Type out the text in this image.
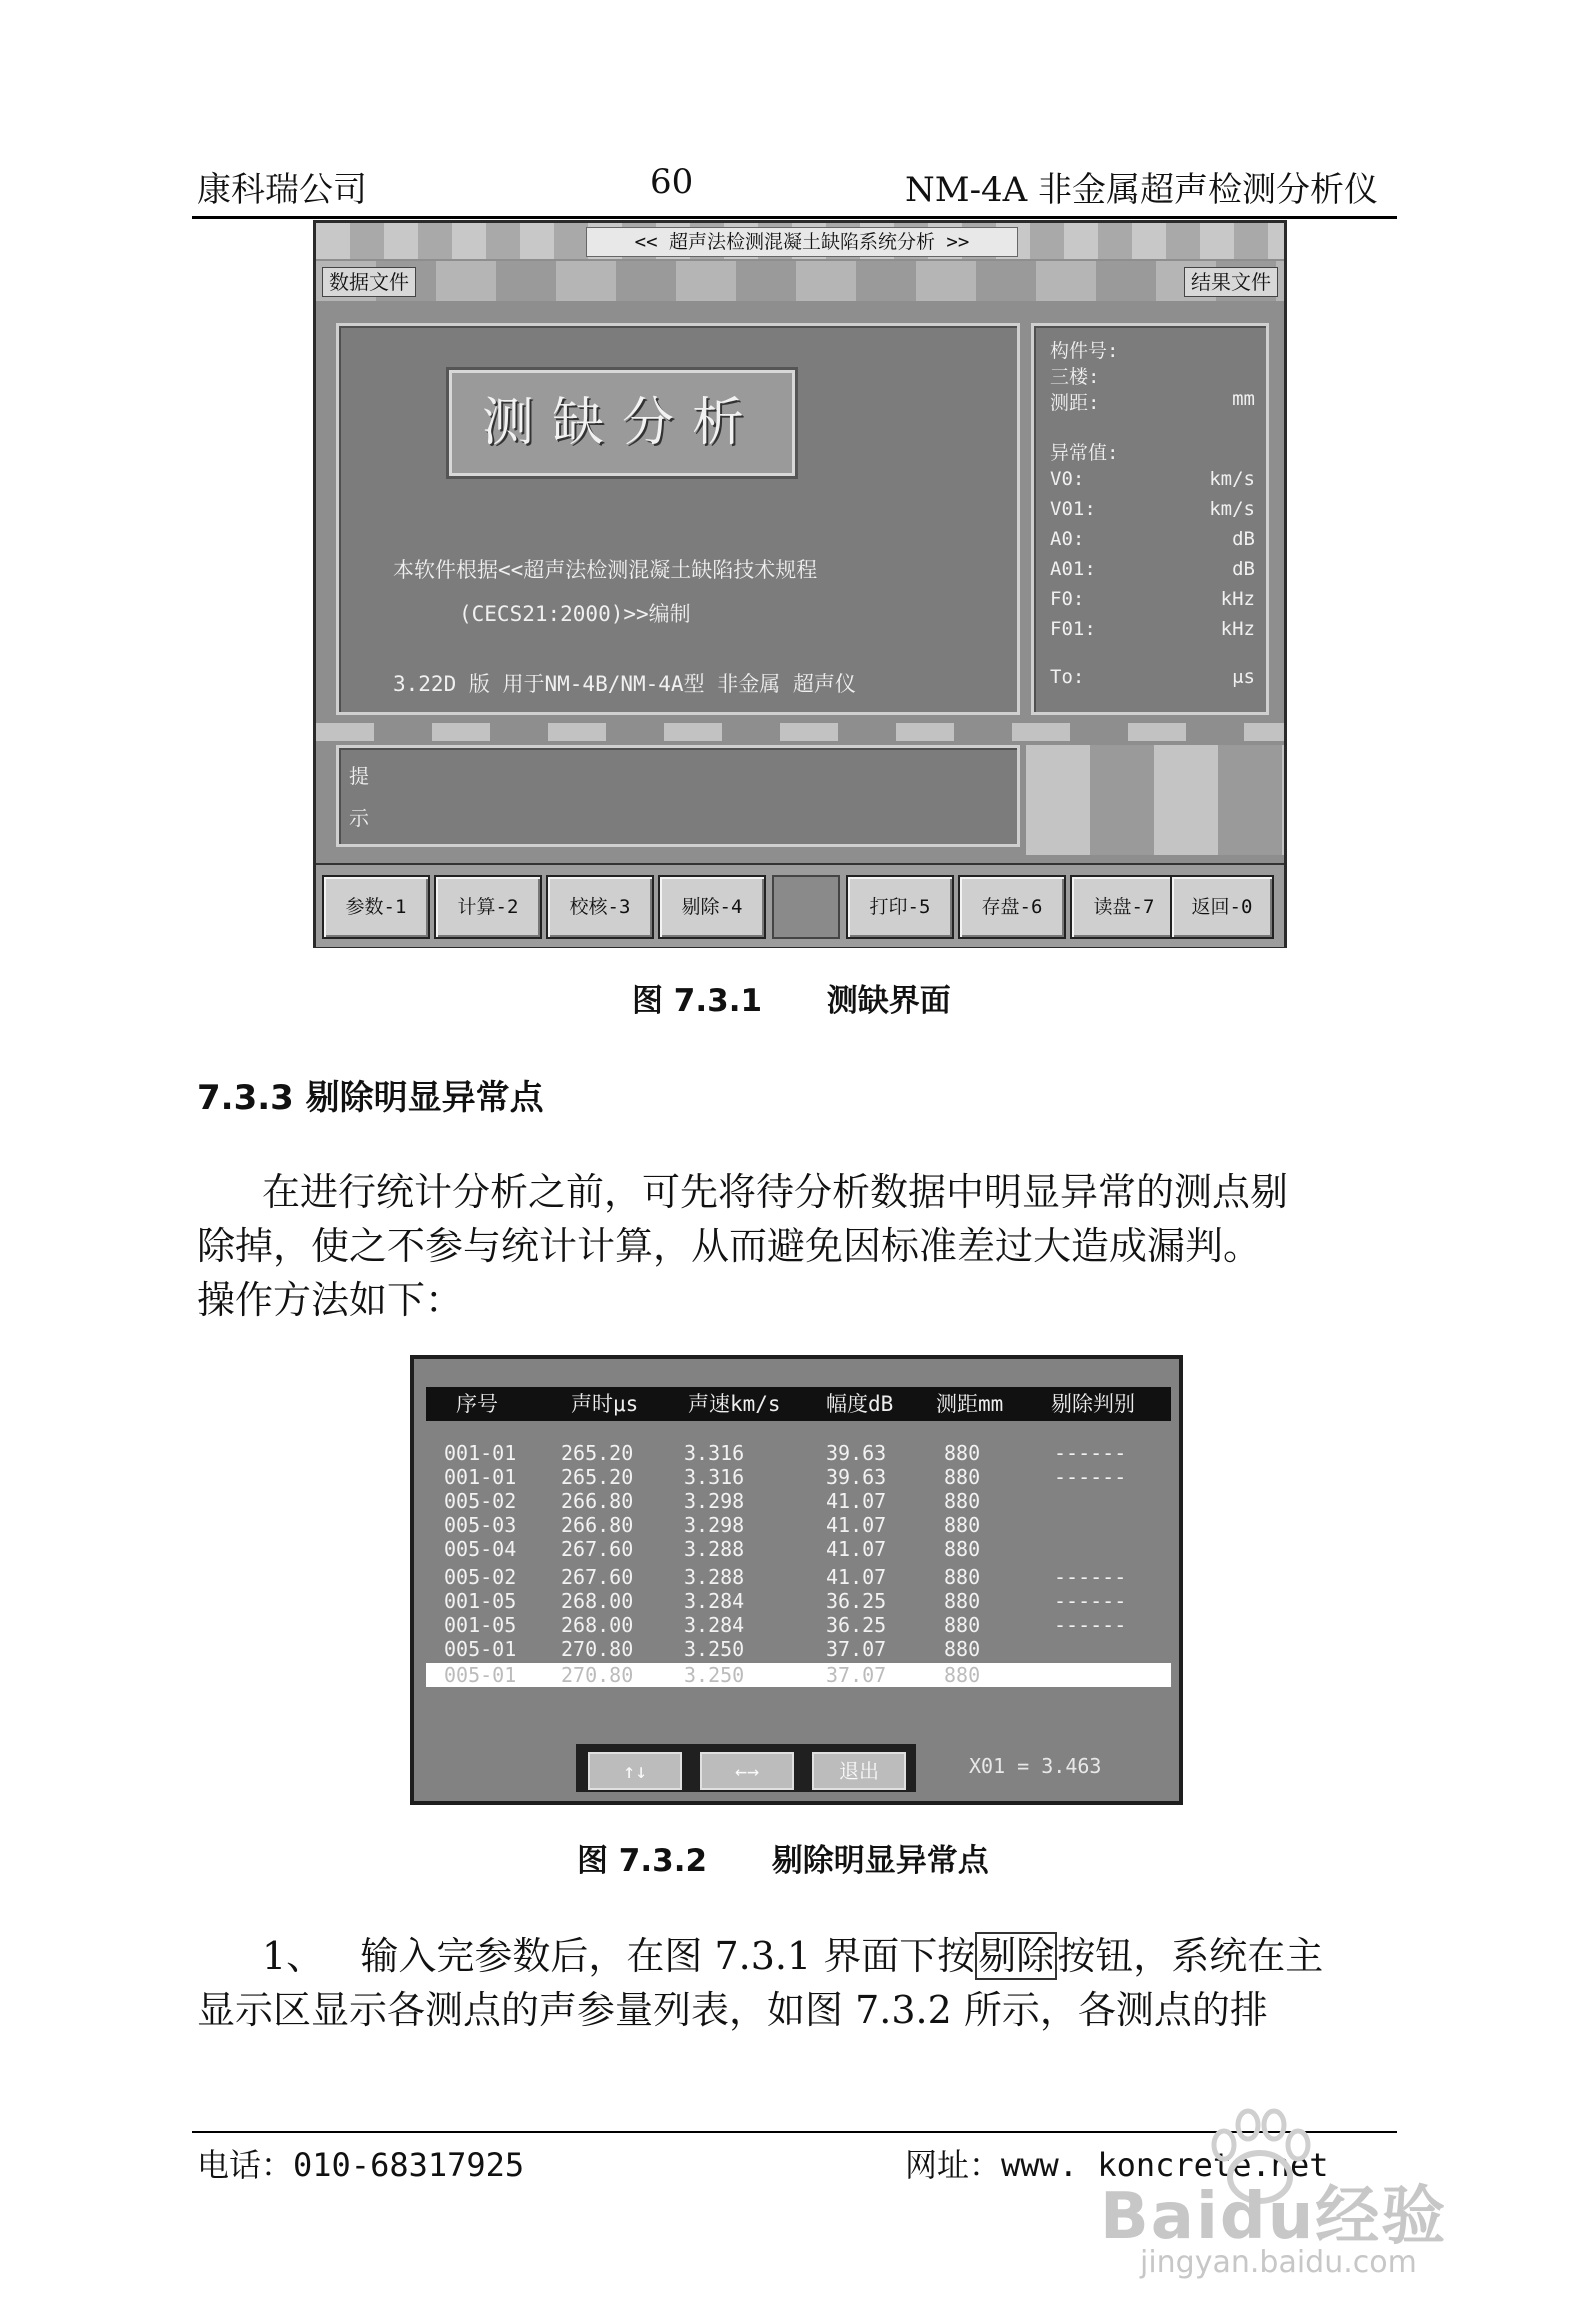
康科瑞公司	60	NM-4A 非金属超声检测分析仪
<< 超声法检测混凝土缺陷系统分析 >>
数据文件	结果文件
测缺分析
本软件根据<<超声法检测混凝土缺陷技术规程
(CECS21:2000)>>编制
3.22D 版 用于NM-4B/NM-4A型 非金属 超声仪
构件号:
三楼:
测距:	mm
异常值:
V0:	km/s
V01:	km/s
A0:	dB
A01:	dB
F0:	kHz
F01:	kHz
To:	μs
提
示
参数-1	计算-2	校核-3	剔除-4	打印-5	存盘-6	读盘-7	返回-0
图 7.3.1      测缺界面
7.3.3 剔除明显异常点
在进行统计分析之前，可先将待分析数据中明显异常的测点剔
除掉，使之不参与统计计算，从而避免因标准差过大造成漏判。
操作方法如下：
序号	声时μs 声速km/s 幅度dB 测距mm 剔除判别
001-01 265.20	3.316	39.63	880	------
001-01 265.20	3.316	39.63	880	------
005-02 266.80	3.298	41.07	880
005-03 266.80	3.298	41.07	880
005-04 267.60	3.288	41.07	880
005-02 267.60	3.288	41.07	880	------
001-05 268.00	3.284	36.25	880	------
001-05 268.00	3.284	36.25	880	------
005-01 270.80	3.250	37.07	880
005-01 270.80	3.250	37.07	880
↑↓	←→	退出	X01 = 3.463
图 7.3.2      剔除明显异常点
1、   输入完参数后，在图 7.3.1 界面下按剔除按钮，系统在主
显示区显示各测点的声参量列表，如图 7.3.2 所示，各测点的排
电话：010-68317925	网址：www. koncrete.net
Baidu经验
jingyan.baidu.com
